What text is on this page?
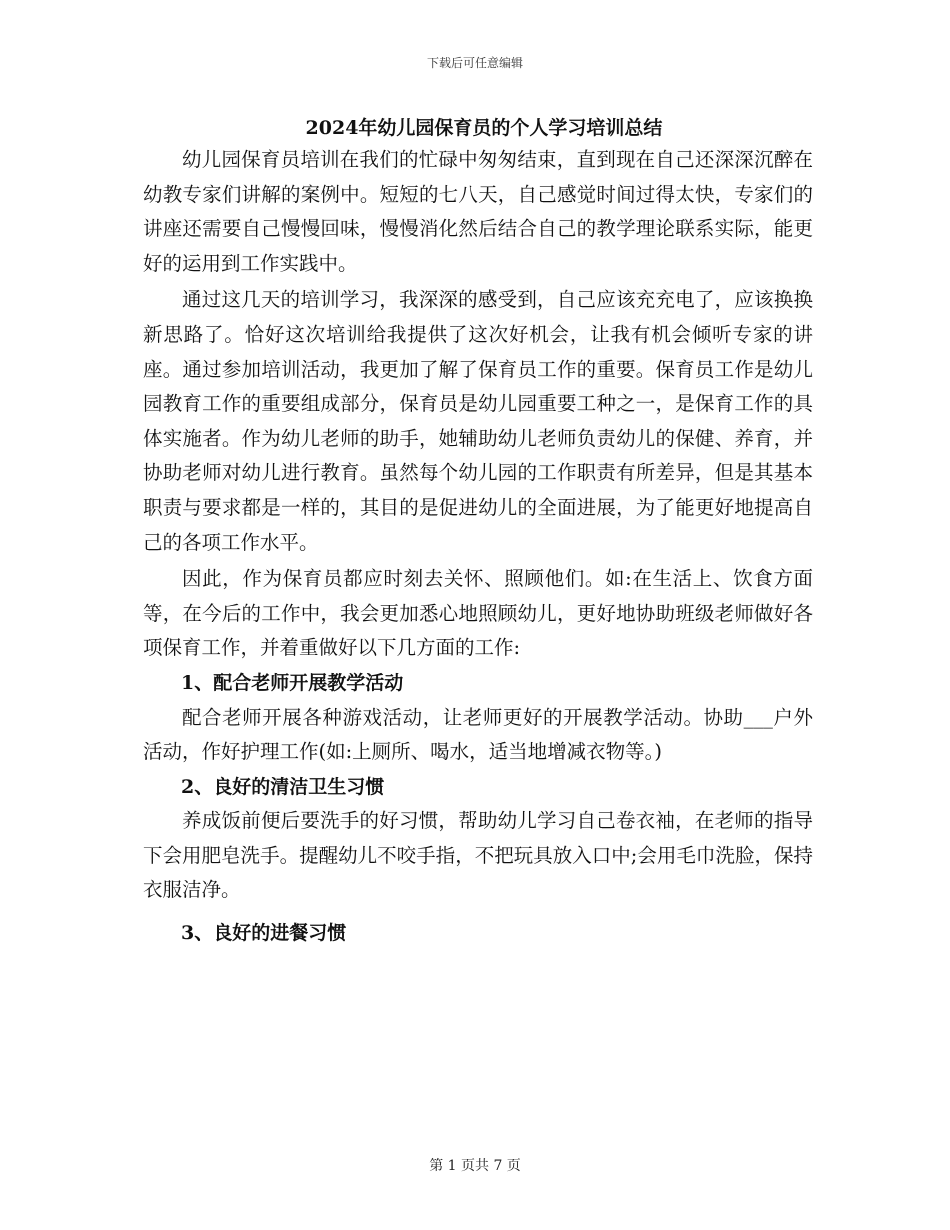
下载后可任意编辑
2024年幼儿园保育员的个人学习培训总结

幼儿园保育员培训在我们的忙碌中匆匆结束，直到现在自己还深深沉醉在幼教专家们讲解的案例中。短短的七八天，自己感觉时间过得太快，专家们的讲座还需要自己慢慢回味，慢慢消化然后结合自己的教学理论联系实际，能更好的运用到工作实践中。

通过这几天的培训学习，我深深的感受到，自己应该充充电了，应该换换新思路了。恰好这次培训给我提供了这次好机会，让我有机会倾听专家的讲座。通过参加培训活动，我更加了解了保育员工作的重要。保育员工作是幼儿园教育工作的重要组成部分，保育员是幼儿园重要工种之一，是保育工作的具体实施者。作为幼儿老师的助手，她辅助幼儿老师负责幼儿的保健、养育，并协助老师对幼儿进行教育。虽然每个幼儿园的工作职责有所差异，但是其基本职责与要求都是一样的，其目的是促进幼儿的全面进展，为了能更好地提高自己的各项工作水平。

因此，作为保育员都应时刻去关怀、照顾他们。如:在生活上、饮食方面等，在今后的工作中，我会更加悉心地照顾幼儿，更好地协助班级老师做好各项保育工作，并着重做好以下几方面的工作:

1、配合老师开展教学活动

配合老师开展各种游戏活动，让老师更好的开展教学活动。协助___户外活动，作好护理工作(如:上厕所、喝水，适当地增减衣物等。)

2、良好的清洁卫生习惯

养成饭前便后要洗手的好习惯，帮助幼儿学习自己卷衣袖，在老师的指导下会用肥皂洗手。提醒幼儿不咬手指，不把玩具放入口中;会用毛巾洗脸，保持衣服洁净。

3、良好的进餐习惯
第 1 页共 7 页
